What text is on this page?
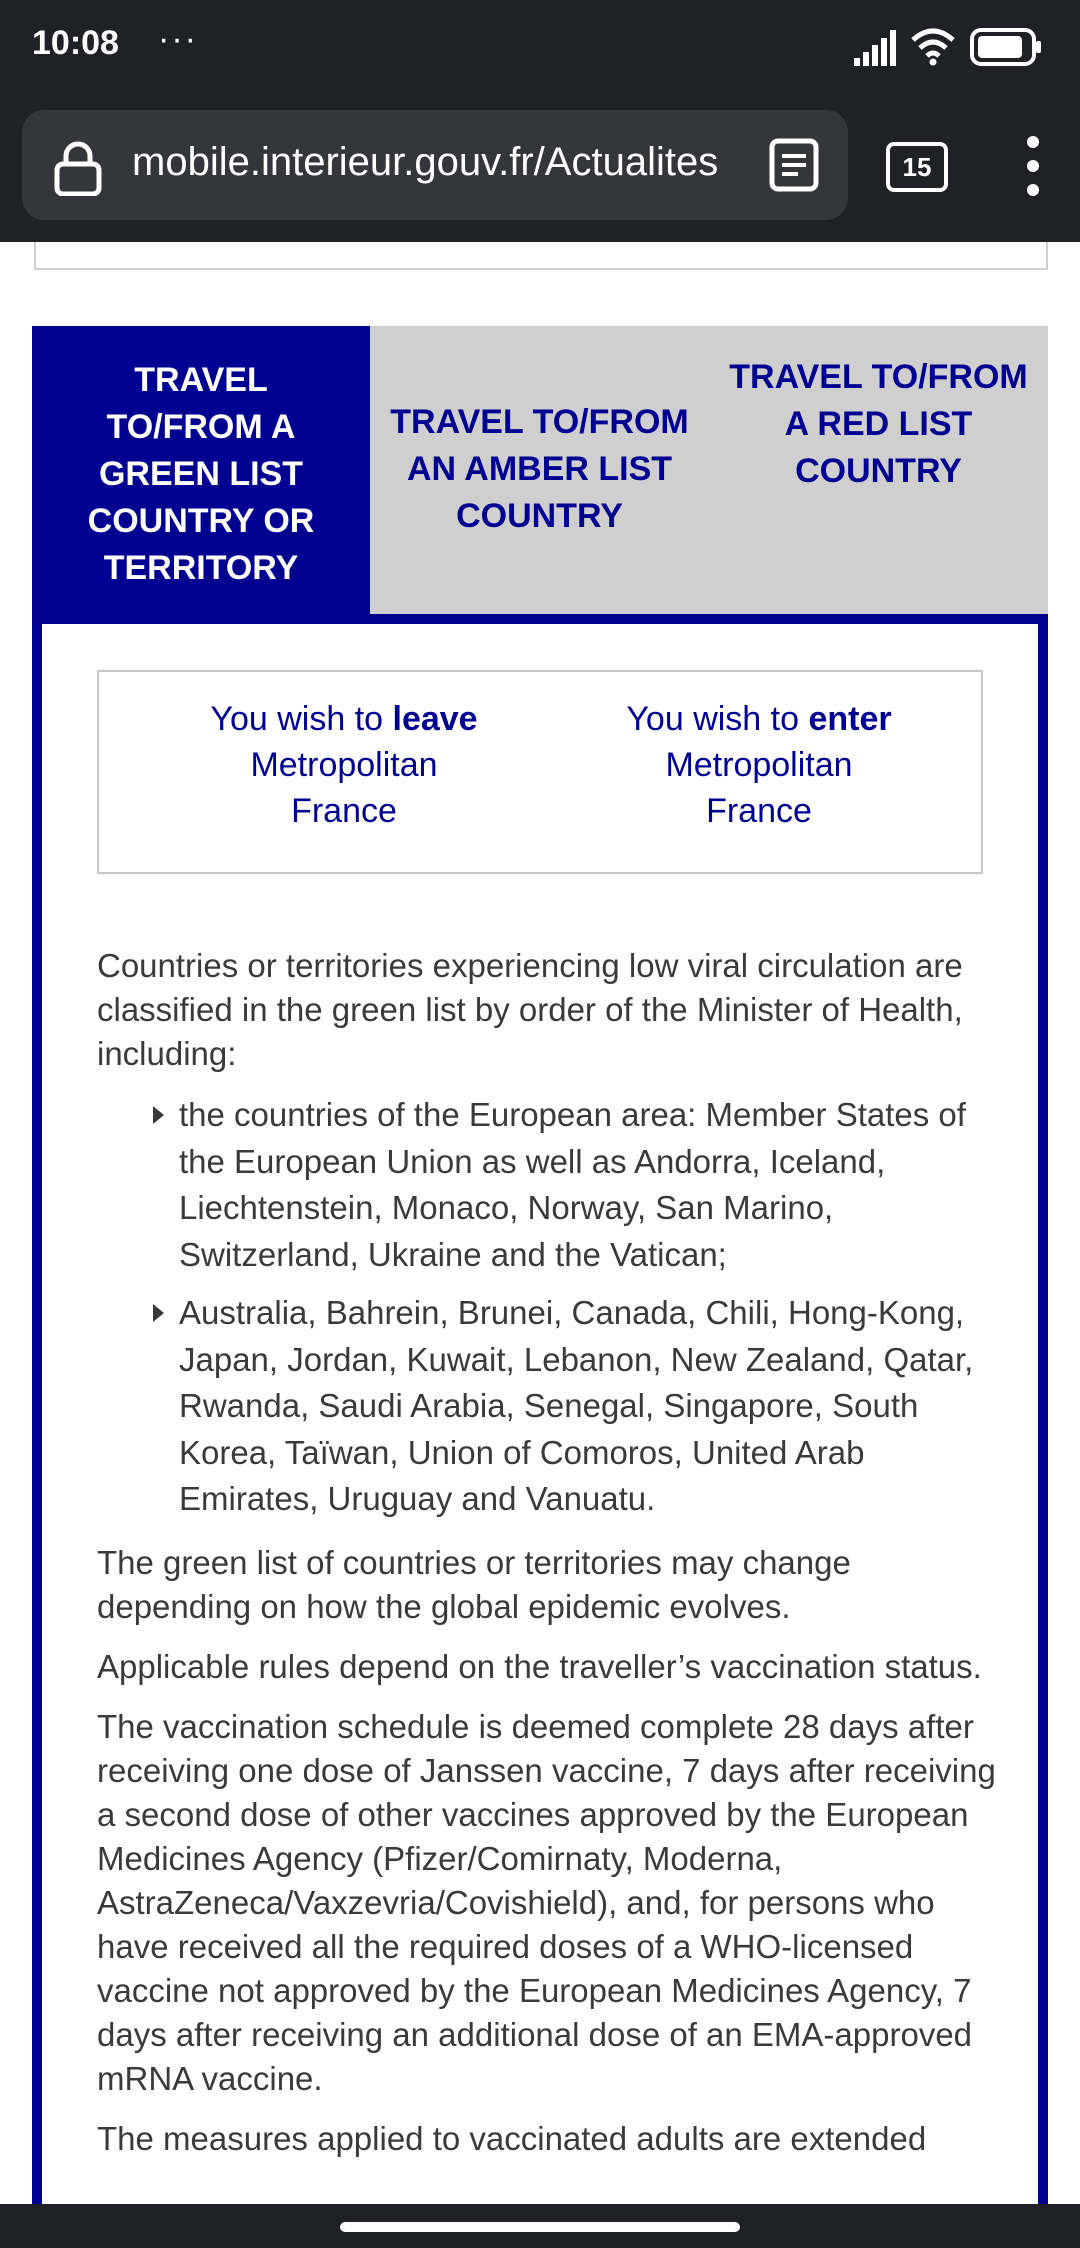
10:08 ···
mobile.interieur.gouv.fr/Actualites	15
TRAVEL TO/FROM A GREEN LIST COUNTRY OR TERRITORY
TRAVEL TO/FROM AN AMBER LIST COUNTRY
TRAVEL TO/FROM A RED LIST COUNTRY
You wish to leave
Metropolitan France
You wish to enter
Metropolitan France

Countries or territories experiencing low viral circulation are classified in the green list by order of the Minister of Health, including:

the countries of the European area: Member States of the European Union as well as Andorra, Iceland, Liechtenstein, Monaco, Norway, San Marino, Switzerland, Ukraine and the Vatican;
Australia, Bahrein, Brunei, Canada, Chili, Hong-Kong, Japan, Jordan, Kuwait, Lebanon, New Zealand, Qatar, Rwanda, Saudi Arabia, Senegal, Singapore, South Korea, Taïwan, Union of Comoros, United Arab Emirates, Uruguay and Vanuatu.

The green list of countries or territories may change depending on how the global epidemic evolves.

Applicable rules depend on the traveller’s vaccination status.

The vaccination schedule is deemed complete 28 days after receiving one dose of Janssen vaccine, 7 days after receiving a second dose of other vaccines approved by the European Medicines Agency (Pfizer/Comirnaty, Moderna, AstraZeneca/Vaxzevria/Covishield), and, for persons who have received all the required doses of a WHO-licensed vaccine not approved by the European Medicines Agency, 7 days after receiving an additional dose of an EMA-approved mRNA vaccine.

The measures applied to vaccinated adults are extended
